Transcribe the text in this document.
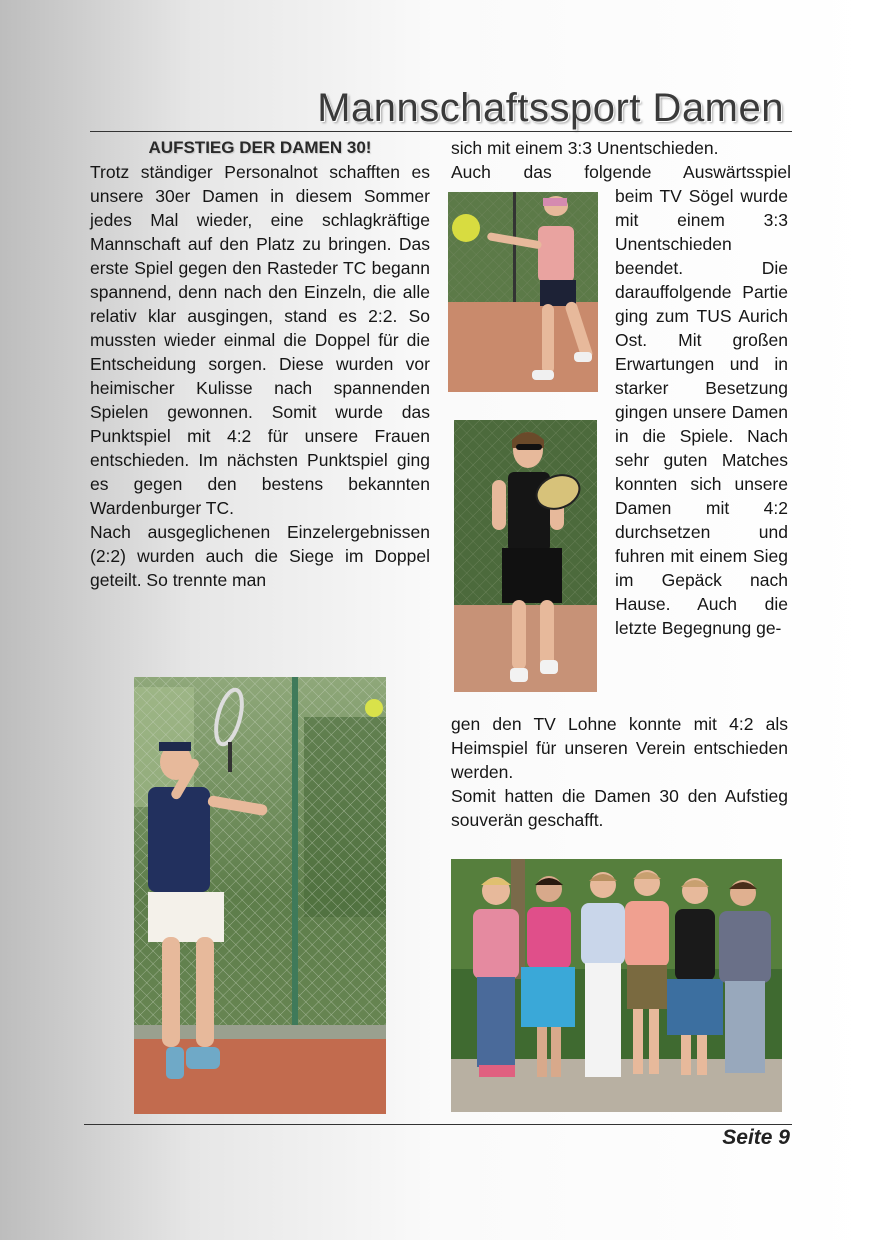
Mannschaftssport Damen
AUFSTIEG DER DAMEN 30!

Trotz ständiger Personalnot schafften es unsere 30er Damen in diesem Sommer jedes Mal wieder, eine schlagkräftige Mannschaft auf den Platz zu bringen. Das erste Spiel gegen den Rasteder TC begann spannend, denn nach den Einzeln, die alle relativ klar ausgingen, stand es 2:2. So mussten wieder einmal die Doppel für die Entscheidung sorgen. Diese wurden vor heimischer Kulisse nach spannenden Spielen gewonnen. Somit wurde das Punktspiel mit 4:2 für unsere Frauen entschieden. Im nächsten Punktspiel ging es gegen den bestens bekannten Wardenburger TC.

Nach ausgeglichenen Einzelergebnissen (2:2) wurden auch die Siege im Doppel geteilt. So trennte man

sich mit einem 3:3 Unentschieden.
Auch das folgende Auswärtsspiel

beim TV Sögel wurde mit einem 3:3 Unentschieden beendet. Die darauffolgende Partie ging zum TUS Aurich Ost. Mit großen Erwartungen und in starker Besetzung gingen unsere Damen in die Spiele. Nach sehr guten Matches konnten sich unsere Damen mit 4:2 durchsetzen und fuhren mit einem Sieg im Gepäck nach Hause. Auch die letzte Begegnung ge-

gen den TV Lohne konnte mit 4:2 als Heimspiel für unseren Verein entschieden werden.

Somit hatten die Damen 30 den Aufstieg souverän geschafft.

Seite 9
